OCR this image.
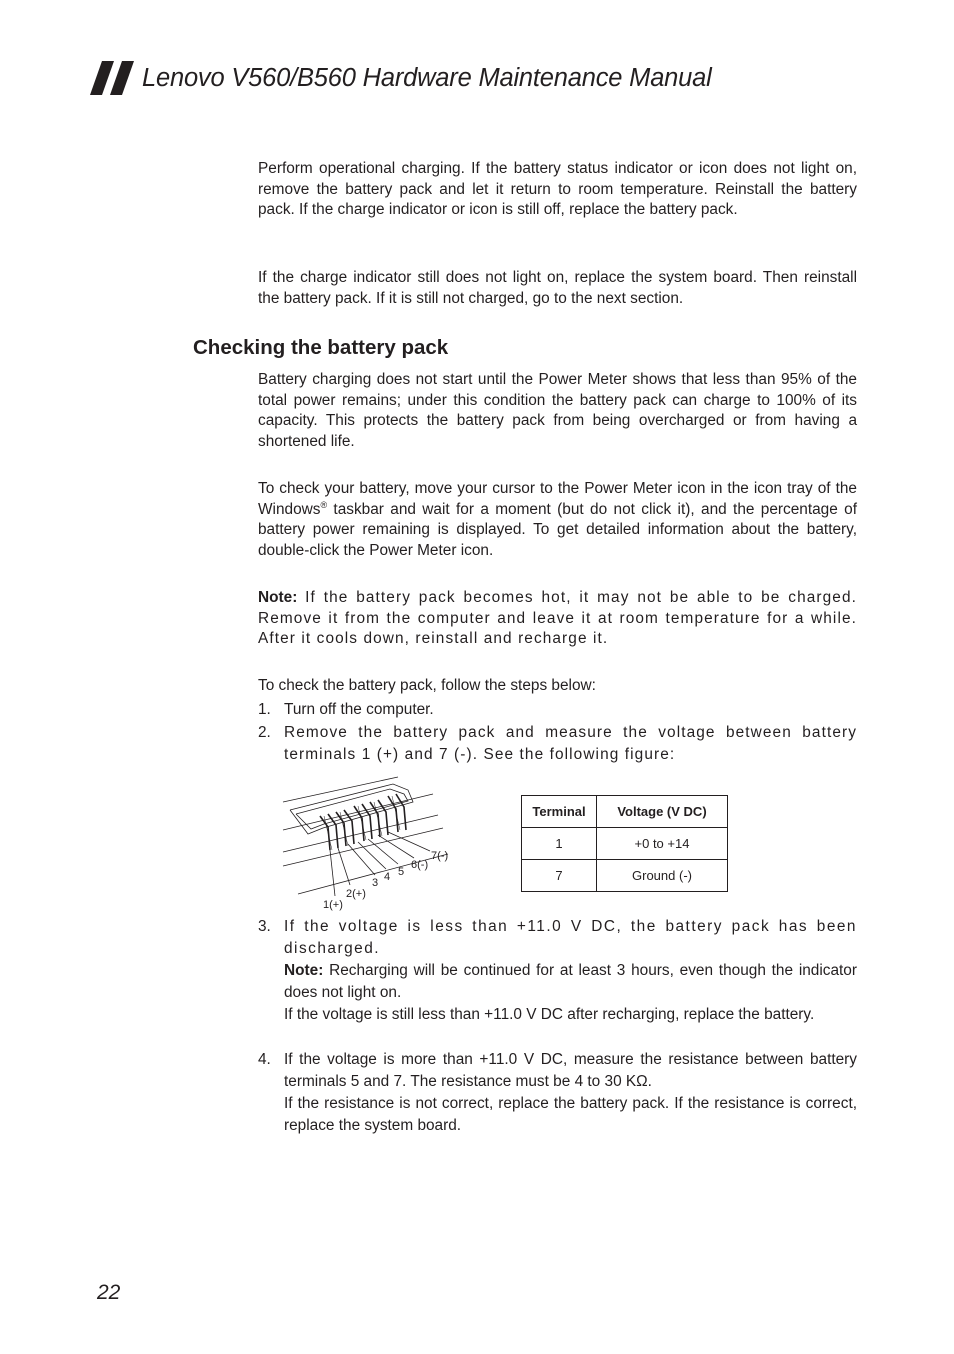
Lenovo V560/B560 Hardware Maintenance Manual

Perform operational charging. If the battery status indicator or icon does not light on, remove the battery pack and let it return to room temperature. Reinstall the battery pack. If the charge indicator or icon is still off, replace the battery pack.

If the charge indicator still does not light on, replace the system board. Then reinstall the battery pack. If it is still not charged, go to the next section.

Checking the battery pack

Battery charging does not start until the Power Meter shows that less than 95% of the total power remains; under this condition the battery pack can charge to 100% of its capacity. This protects the battery pack from being overcharged or from having a shortened life.

To check your battery, move your cursor to the Power Meter icon in the icon tray of the Windows® taskbar and wait for a moment (but do not click it), and the percentage of battery power remaining is displayed. To get detailed information about the battery, double-click the Power Meter icon.

Note: If the battery pack becomes hot, it may not be able to be charged. Remove it from the computer and leave it at room temperature for a while. After it cools down, reinstall and recharge it.

To check the battery pack, follow the steps below:

1. Turn off the computer.
2. Remove the battery pack and measure the voltage between battery terminals 1 (+) and 7 (-). See the following figure:
1(+)
2(+)
3 4 5
6(-)
7(-)
Terminal	Voltage (V DC)
1	+0 to +14
7	Ground (-)
3. If the voltage is less than +11.0 V DC, the battery pack has been discharged.
Note: Recharging will be continued for at least 3 hours, even though the indicator does not light on.
If the voltage is still less than +11.0 V DC after recharging, replace the battery.
4. If the voltage is more than +11.0 V DC, measure the resistance between battery terminals 5 and 7. The resistance must be 4 to 30 KΩ.
If the resistance is not correct, replace the battery pack. If the resistance is correct, replace the system board.
22
